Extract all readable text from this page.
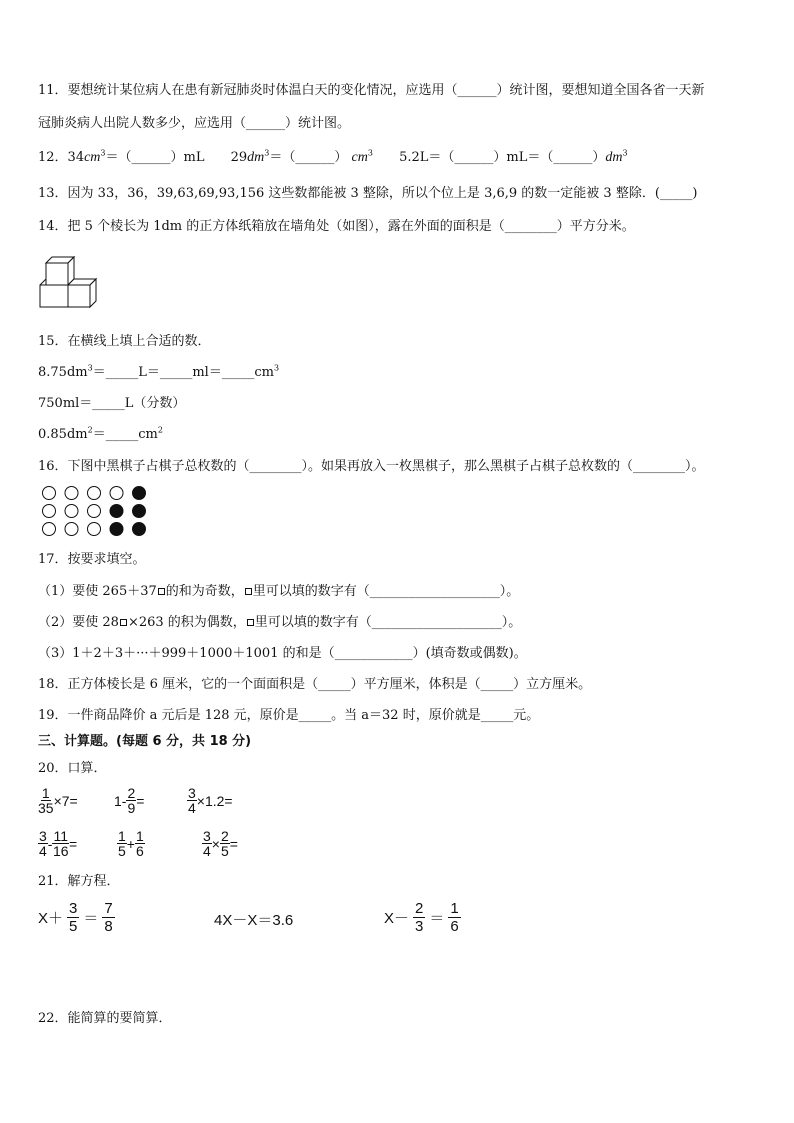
11．要想统计某位病人在患有新冠肺炎时体温白天的变化情况，应选用（______）统计图，要想知道全国各省一天新
冠肺炎病人出院人数多少，应选用（______）统计图。
12．$34cm^3=(\_\_\_\_\_\_)mL$ $29dm^3=(\_\_\_\_\_\_)$ $cm^3$ $5.2L=(\_\_\_\_\_\_)mL=(\_\_\_\_\_\_)dm^3$
13．因为 33，36，39,63,69,93,156 这些数都能被 3 整除，所以个位上是 3,6,9 的数一定能被 3 整除．(_____)
14．把 5 个棱长为 1dm 的正方体纸箱放在墙角处（如图），露在外面的面积是（________）平方分米。
15．在横线上填上合适的数．
$8.75dm^3=\_\_\_\_\_L=\_\_\_\_\_ml=\_\_\_\_\_cm^3$
750ml＝_____L（分数）
$0.85dm^2=\_\_\_\_\_cm^2$
16．下图中黑棋子占棋子总枚数的（________）。如果再放入一枚黑棋子，那么黑棋子占棋子总枚数的（________）。
17．按要求填空。
（1）要使 265＋37 的和为奇数， 里可以填的数字有（____________________）。
（2）要使 28 ×263 的积为偶数， 里可以填的数字有（____________________）。
（3）1＋2＋3＋···＋999＋1000＋1001 的和是（____________）(填奇数或偶数)。
18．正方体棱长是 6 厘米，它的一个面面积是（_____）平方厘米，体积是（_____）立方厘米。
19．一件商品降价 a 元后是 128 元，原价是_____。当 a＝32 时，原价就是_____元。
三、计算题。(每题 6 分，共 18 分)
20．口算．
$\frac{1}{35} \times 7=$	$1- \frac{2}{9}$ =	$\frac{3}{4} \times 1.2=$
$\frac{3}{4} - \frac{11}{16}$ =	$\frac{1}{5} + \frac{1}{6}$	$\frac{3}{4} \times \frac{2}{5}$ =
21．解方程．
X＋
3
5 ＝
7
8	4X－X＝3.6	X－
2
3 ＝
1
6
22．能简算的要简算．
